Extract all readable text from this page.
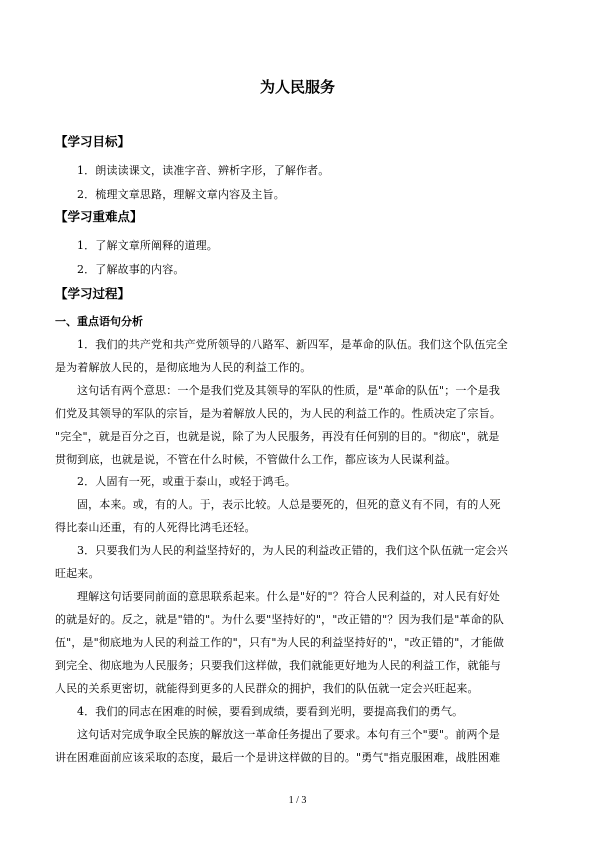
为人民服务
【学习目标】
1．朗读读课文，读准字音、辨析字形，了解作者。
2．梳理文章思路，理解文章内容及主旨。
【学习重难点】
1．了解文章所阐释的道理。
2．了解故事的内容。
【学习过程】
一、重点语句分析
1．我们的共产党和共产党所领导的八路军、新四军，是革命的队伍。我们这个队伍完全
是为着解放人民的，是彻底地为人民的利益工作的。
这句话有两个意思：一个是我们党及其领导的军队的性质，是"革命的队伍"；一个是我
们党及其领导的军队的宗旨，是为着解放人民的，为人民的利益工作的。性质决定了宗旨。
"完全"，就是百分之百，也就是说，除了为人民服务，再没有任何别的目的。"彻底"，就是
贯彻到底，也就是说，不管在什么时候，不管做什么工作，都应该为人民谋利益。
2．人固有一死，或重于泰山，或轻于鸿毛。
固，本来。或，有的人。于，表示比较。人总是要死的，但死的意义有不同，有的人死
得比泰山还重，有的人死得比鸿毛还轻。
3．只要我们为人民的利益坚持好的，为人民的利益改正错的，我们这个队伍就一定会兴
旺起来。
理解这句话要同前面的意思联系起来。什么是"好的"？符合人民利益的，对人民有好处
的就是好的。反之，就是"错的"。为什么要"坚持好的"，"改正错的"？因为我们是"革命的队
伍"，是"彻底地为人民的利益工作的"，只有"为人民的利益坚持好的"，"改正错的"，才能做
到完全、彻底地为人民服务；只要我们这样做，我们就能更好地为人民的利益工作，就能与
人民的关系更密切，就能得到更多的人民群众的拥护，我们的队伍就一定会兴旺起来。
4．我们的同志在困难的时候，要看到成绩，要看到光明，要提高我们的勇气。
这句话对完成争取全民族的解放这一革命任务提出了要求。本句有三个"要"。前两个是
讲在困难面前应该采取的态度，最后一个是讲这样做的目的。"勇气"指克服困难，战胜困难
1 / 3
